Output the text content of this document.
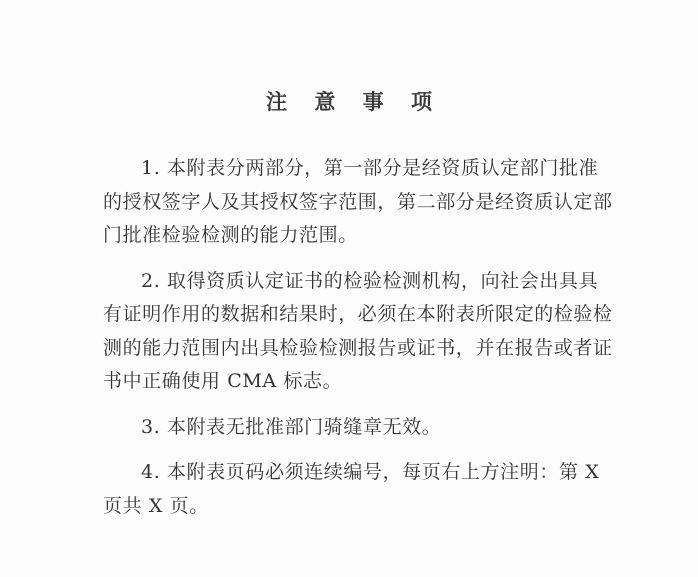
注 意 事 项
1. 本附表分两部分，第一部分是经资质认定部门批准
的授权签字人及其授权签字范围，第二部分是经资质认定部
门批准检验检测的能力范围。
2. 取得资质认定证书的检验检测机构，向社会出具具
有证明作用的数据和结果时，必须在本附表所限定的检验检
测的能力范围内出具检验检测报告或证书，并在报告或者证
书中正确使用 CMA 标志。
3. 本附表无批准部门骑缝章无效。
4. 本附表页码必须连续编号，每页右上方注明：第 X
页共 X 页。
